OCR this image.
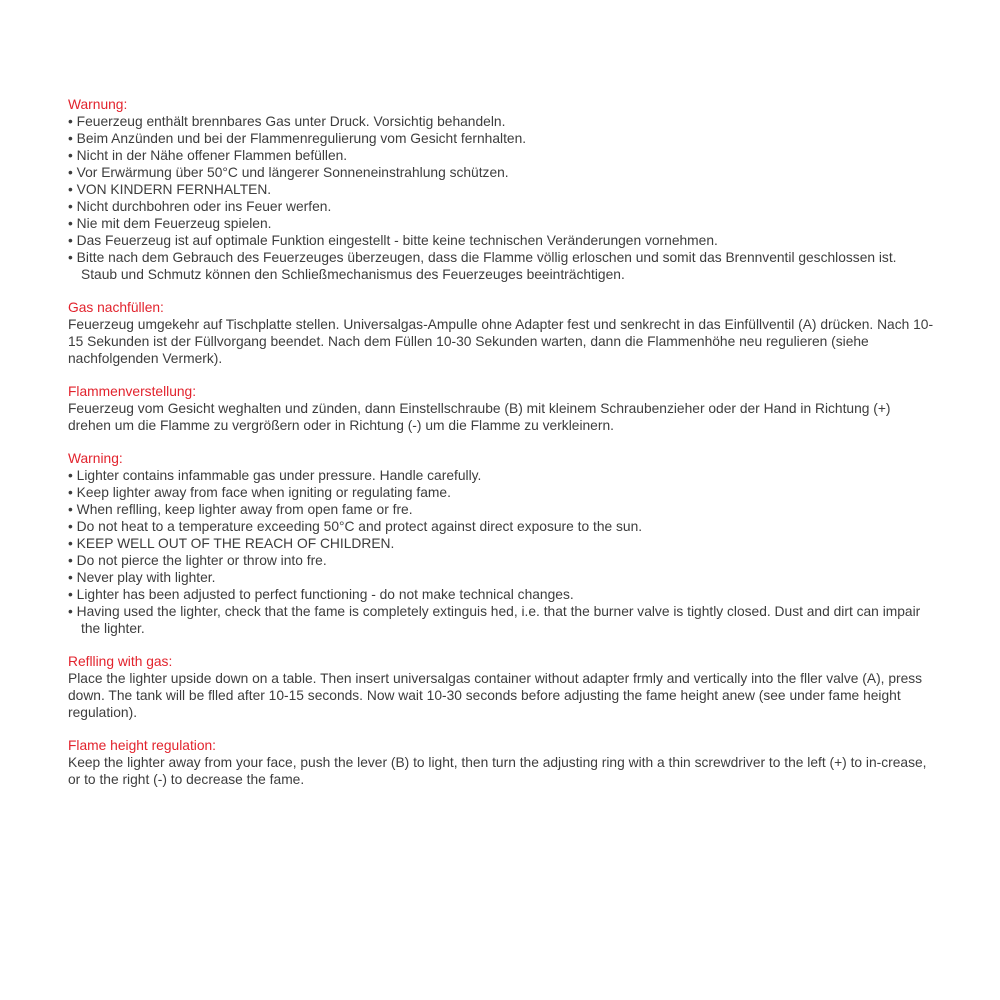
Warnung:
• Feuerzeug enthält brennbares Gas unter Druck. Vorsichtig behandeln.
• Beim Anzünden und bei der Flammenregulierung vom Gesicht fernhalten.
• Nicht in der Nähe offener Flammen befüllen.
• Vor Erwärmung über 50°C und längerer Sonneneinstrahlung schützen.
• VON KINDERN FERNHALTEN.
• Nicht durchbohren oder ins Feuer werfen.
• Nie mit dem Feuerzeug spielen.
• Das Feuerzeug ist auf optimale Funktion eingestellt - bitte keine technischen Veränderungen vornehmen.
• Bitte nach dem Gebrauch des Feuerzeuges überzeugen, dass die Flamme völlig erloschen und somit das Brennventil geschlossen ist. Staub und Schmutz können den Schließmechanismus des Feuerzeuges beeinträchtigen.
Gas nachfüllen:

Feuerzeug umgekehr auf Tischplatte stellen. Universalgas-Ampulle ohne Adapter fest und senkrecht in das Einfüllventil (A) drücken. Nach 10-15 Sekunden ist der Füllvorgang beendet. Nach dem Füllen 10-30 Sekunden warten, dann die Flammenhöhe neu regulieren (siehe nachfolgenden Vermerk).

Flammenverstellung:

Feuerzeug vom Gesicht weghalten und zünden, dann Einstellschraube (B) mit kleinem Schraubenzieher oder der Hand in Richtung (+) drehen um die Flamme zu vergrößern oder in Richtung (-) um die Flamme zu verkleinern.

Warning:
• Lighter contains infammable gas under pressure. Handle carefully.
• Keep lighter away from face when igniting or regulating fame.
• When reflling, keep lighter away from open fame or fre.
• Do not heat to a temperature exceeding 50°C and protect against direct exposure to the sun.
• KEEP WELL OUT OF THE REACH OF CHILDREN.
• Do not pierce the lighter or throw into fre.
• Never play with lighter.
• Lighter has been adjusted to perfect functioning - do not make technical changes.
• Having used the lighter, check that the fame is completely extinguis hed, i.e. that the burner valve is tightly closed. Dust and dirt can impair the lighter.
Reflling with gas:

Place the lighter upside down on a table. Then insert universalgas container without adapter frmly and vertically into the fller valve (A), press down. The tank will be flled after 10-15 seconds. Now wait 10-30 seconds before adjusting the fame height anew (see under fame height regulation).

Flame height regulation:

Keep the lighter away from your face, push the lever (B) to light, then turn the adjusting ring with a thin screwdriver to the left (+) to in-crease, or to the right (-) to decrease the fame.
